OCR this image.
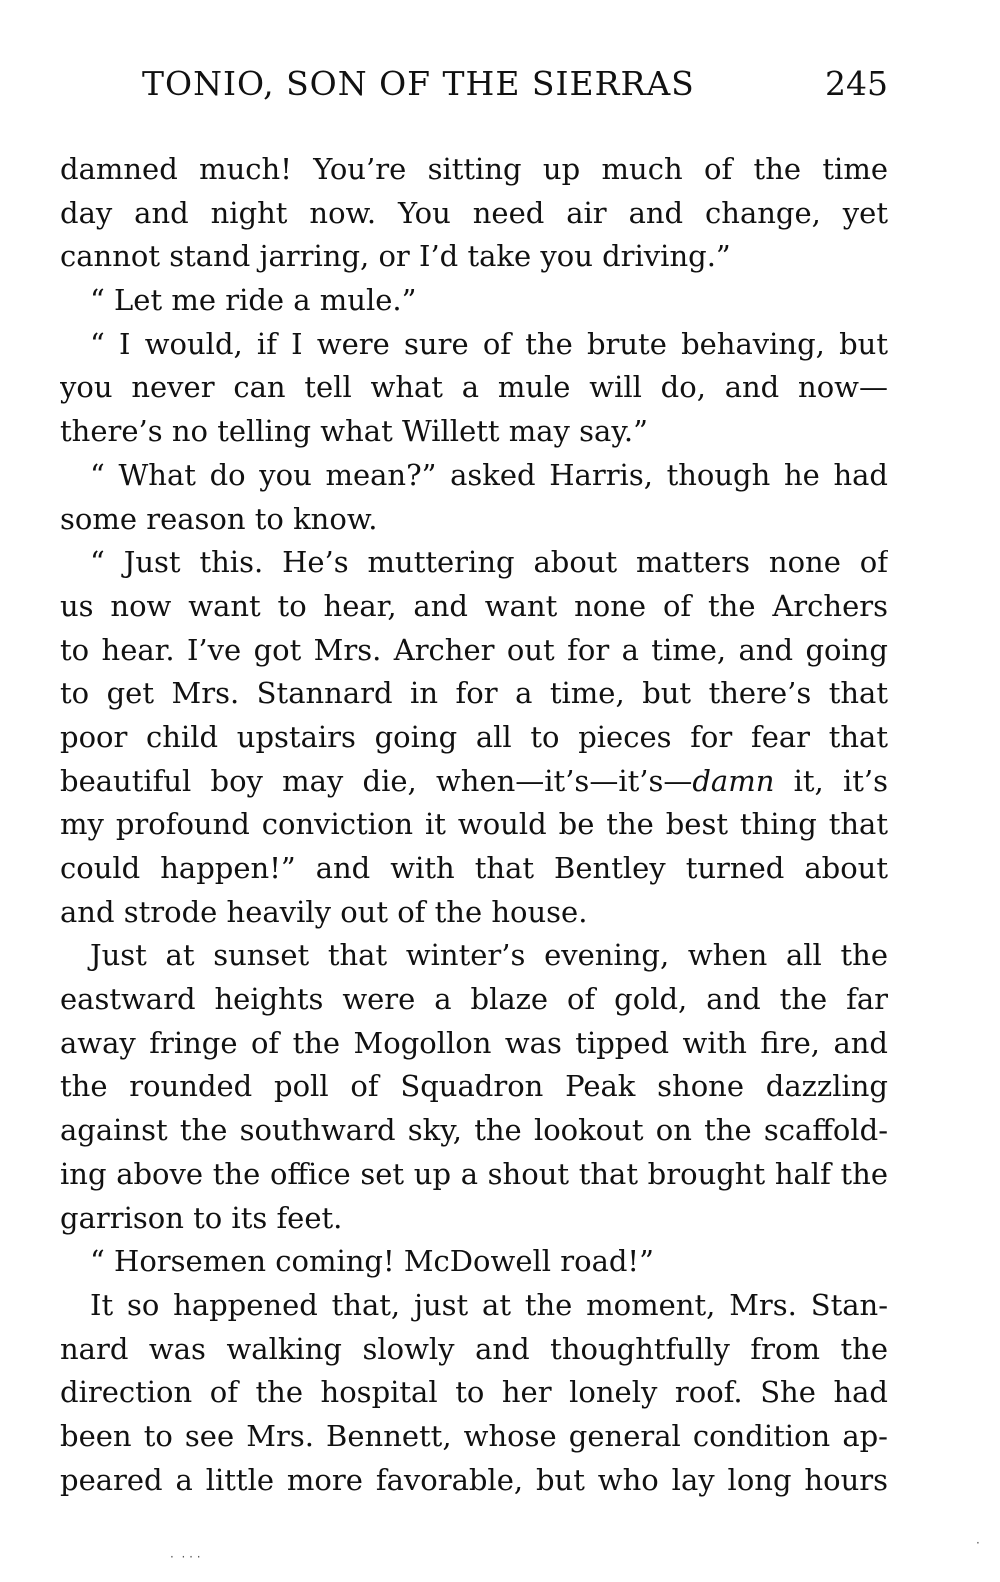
TONIO, SON OF THE SIERRAS	245
damned much! You’re sitting up much of the time
day and night now. You need air and change, yet
cannot stand jarring, or I’d take you driving.”
“ Let me ride a mule.”
“ I would, if I were sure of the brute behaving, but
you never can tell what a mule will do, and now—
there’s no telling what Willett may say.”
“ What do you mean?” asked Harris, though he had
some reason to know.
“ Just this. He’s muttering about matters none of
us now want to hear, and want none of the Archers
to hear. I’ve got Mrs. Archer out for a time, and going
to get Mrs. Stannard in for a time, but there’s that
poor child upstairs going all to pieces for fear that
beautiful boy may die, when—it’s—it’s—damn it, it’s
my profound conviction it would be the best thing that
could happen!” and with that Bentley turned about
and strode heavily out of the house.
Just at sunset that winter’s evening, when all the
eastward heights were a blaze of gold, and the far
away fringe of the Mogollon was tipped with fire, and
the rounded poll of Squadron Peak shone dazzling
against the southward sky, the lookout on the scaffold-
ing above the office set up a shout that brought half the
garrison to its feet.
“ Horsemen coming! McDowell road!”
It so happened that, just at the moment, Mrs. Stan-
nard was walking slowly and thoughtfully from the
direction of the hospital to her lonely roof. She had
been to see Mrs. Bennett, whose general condition ap-
peared a little more favorable, but who lay long hours
·  · · ·
·
